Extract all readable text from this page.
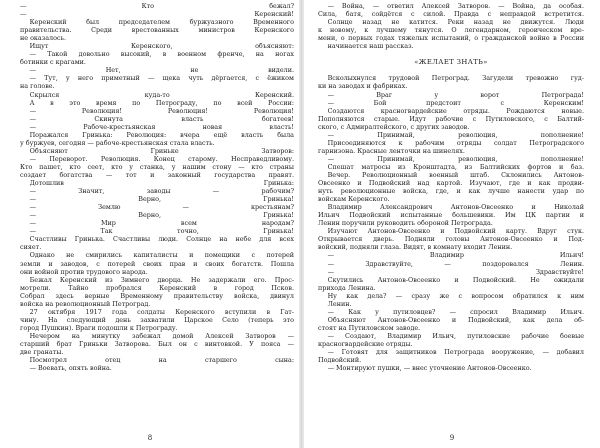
— Кто бежал?
— Керенский!
Керенский был председателем буржуазного Временного
правительства. Среди врестованных министров Керенского
не оказалось.
Ищут Керенского, объясняют:
— Такой довольно высокий, в военном френче, на ногах
ботинки с крагами.
— Нет, не видели.
— Тут, у него приметный — щека чуть дёргается, с ёжиком
на голове.
Скрылся куда-то Керенский.
А в это время по Петрограду, по всей России:
— Революция! Революция! Революция!
— Скинута власть богатеев!
— Рабоче-крестьянская новая власть!
Поражался Гринька: Революция: вчера ещё власть была
у буржуев, сегодня — рабоче-крестьянская стала власть.
Объясняют Гриньке Затворов:
— Переворот. Революция. Конец старому. Несправедливому.
Кто пашет, кто сеет, кто у станка, у нашим стону — кто страны
создает богатства — тот и законный государства правят.
Дотошлив Гринька:
— Значит, заводы — рабочим?
— Верно, Гринька!
— Землю — крестьянам?
— Верно, Гринька!
— Мир всем народам?
— Так точно, Гринька!
Счастливы Гринька. Счастливы люди. Солнце на небе для всех
сияет.
Однако не смирились капиталисты и помещики с потерей
земли и заводов, с потерей своих прав и своих богатств. Пошла
они войной против трудового народа.
Бежал Керенский из Зимнего дворца. Не задержали его. Прос-
мотрели. Тайно пробрался Керенский в город Псков.
Собрал здесь верные Временному правительству войска, двинул
войска на революционный Петроград.
27 октября 1917 года солдаты Керенского вступили в Гат-
чину. На следующий день захватили Царское Село (теперь это
город Пушкин). Враги подошли к Петрограду.
Нечером на минутку забежал домой Алексей Затворов —
старший брат Гриньки Затворова. Был он с винтовкой. У пояса —
две гранаты.
Посмотрел отец на старшего сына:
— Воевать, опять война.
8
— Война, — ответил Алексей Затворов. — Война, да особая.
Сила, батя, сойдётся с силой. Правда с неправдой встретится.
Солнце назад не катится. Реки назад не движутся. Люди
к новому, к лучшему тянутся. О легендарном, героическом вре-
мени, о первых годах тяжелых испытаний, о гражданской войне в России
начинается наш рассказ.
«ЖЕЛАЕТ ЗНАТЬ»
Всколыхнулся трудовой Петроград. Загудели тревожно гуд-
ки на заводах и фабриках.
— Враг у ворот Петрограда!
— Бой предстоит с Керенским!
Создаются красногвардейские отряды. Рождаются новые.
Пополняются старые. Идут рабочие с Путиловского, с Балтий-
ского, с Адмиралтейского, с других заводов.
— Принимай, революция, пополнение!
Присоединяются к рабочим отряды солдат Петроградского
гарнизона. Красные ленточки на шинелях.
— Принимай, революция, пополнение!
Спешат матросы из Кронштадта, из Балтийских фортов и баз.
Вечер. Революционный военный штаб. Склонились Антонов-
Овсеенко и Подвойский над картой. Изучают, где и как продви-
нуть революционные войска, где, и как лучше нанести удар по
войскам Керенского.
Владимир Александрович Антонов-Овсеенко и Николай
Ильич Подвойский испытанные большевики. Им ЦК партии и
Ленин поручили руководить обороной Петрограда.
Изучают Антонов-Овсеенко и Подвойский карту. Вдруг стук.
Открывается дверь. Подняли головы Антонов-Овсеенко и Под-
войский, подняли глаза. Видят, в комнату входит Ленин.
— Владимир Ильич!
— Здравствуйте, — поздоровался Ленин.
— Здравствуйте!
Скутились Антонов-Овсеенко и Подвойский. Не ожидали
прихода Ленина.
Ну как дела? — сразу же с вопросом обратился к ним
Ленин.
— Как у путиловцев? — спросил Владимир Ильич.
Объясняют Антонов-Овсеенко и Подвойский, как дела об-
стоят на Путиловском заводе.
— Создают, Владимир Ильич, путиловские рабочие боевые
красногвардейские отряды.
— Готовят для защитников Петрограда вооружение, — добавил
Подвойский.
— Монтируют пушки, — внес уточнение Антонов-Овсеенко.
9
